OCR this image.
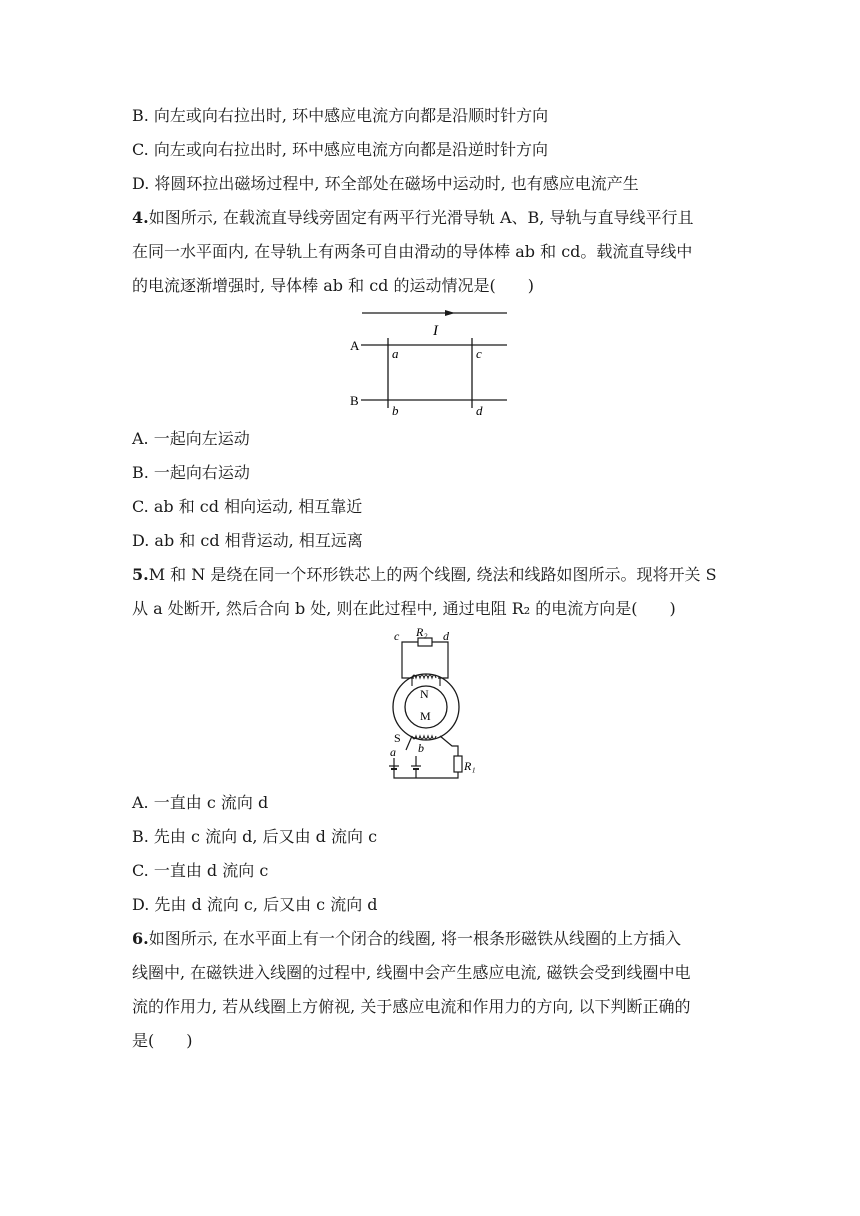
B. 向左或向右拉出时, 环中感应电流方向都是沿顺时针方向
C. 向左或向右拉出时, 环中感应电流方向都是沿逆时针方向
D. 将圆环拉出磁场过程中, 环全部处在磁场中运动时, 也有感应电流产生
4.如图所示, 在载流直导线旁固定有两平行光滑导轨 A、B, 导轨与直导线平行且
在同一水平面内, 在导轨上有两条可自由滑动的导体棒 ab 和 cd。载流直导线中
的电流逐渐增强时, 导体棒 ab 和 cd 的运动情况是(　　)
I
A
B
a	c
b	d
A. 一起向左运动
B. 一起向右运动
C. ab 和 cd 相向运动, 相互靠近
D. ab 和 cd 相背运动, 相互远离
5.M 和 N 是绕在同一个环形铁芯上的两个线圈, 绕法和线路如图所示。现将开关 S
从 a 处断开, 然后合向 b 处, 则在此过程中, 通过电阻 R₂ 的电流方向是(　　)
R₂
c	d
N
M
R₁
S
a b
A. 一直由 c 流向 d
B. 先由 c 流向 d, 后又由 d 流向 c
C. 一直由 d 流向 c
D. 先由 d 流向 c, 后又由 c 流向 d
6.如图所示, 在水平面上有一个闭合的线圈, 将一根条形磁铁从线圈的上方插入
线圈中, 在磁铁进入线圈的过程中, 线圈中会产生感应电流, 磁铁会受到线圈中电
流的作用力, 若从线圈上方俯视, 关于感应电流和作用力的方向, 以下判断正确的
是(　　)
